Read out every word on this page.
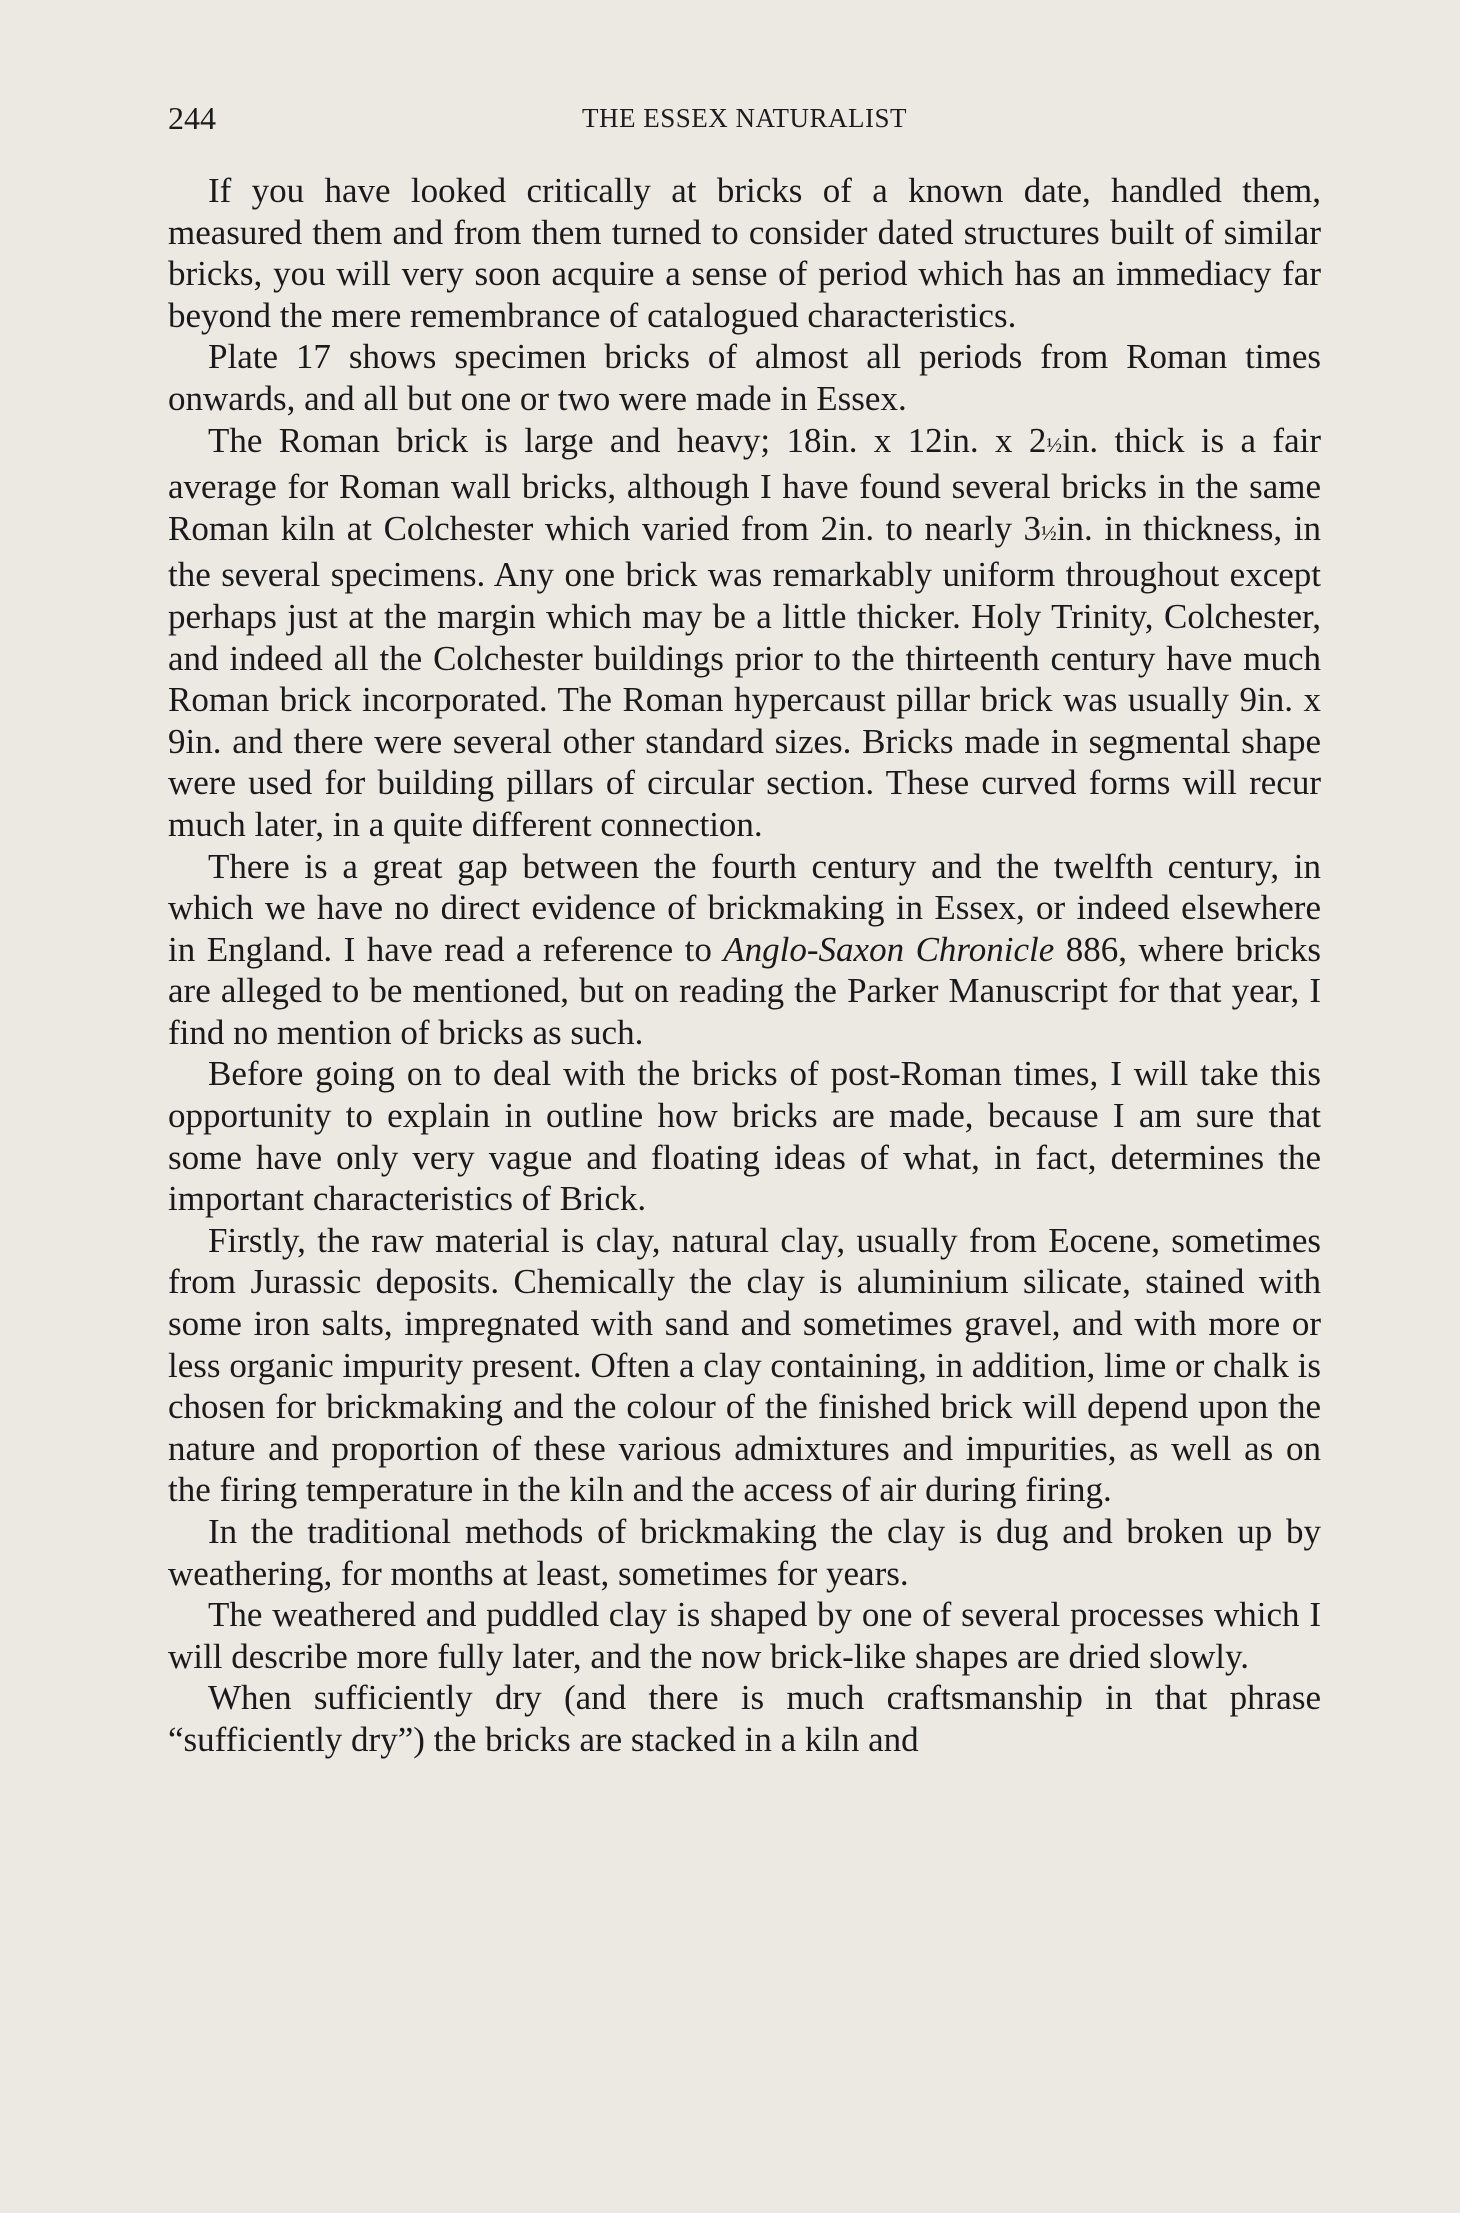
244	THE ESSEX NATURALIST

If you have looked critically at bricks of a known date, handled them, measured them and from them turned to consider dated structures built of similar bricks, you will very soon acquire a sense of period which has an immediacy far beyond the mere remembrance of catalogued characteristics.

Plate 17 shows specimen bricks of almost all periods from Roman times onwards, and all but one or two were made in Essex.

The Roman brick is large and heavy; 18in. x 12in. x 2½in. thick is a fair average for Roman wall bricks, although I have found several bricks in the same Roman kiln at Colchester which varied from 2in. to nearly 3½in. in thickness, in the several specimens. Any one brick was remarkably uniform throughout except perhaps just at the margin which may be a little thicker. Holy Trinity, Colchester, and indeed all the Colchester buildings prior to the thirteenth century have much Roman brick incorporated. The Roman hypercaust pillar brick was usually 9in. x 9in. and there were several other standard sizes. Bricks made in segmental shape were used for building pillars of circular section. These curved forms will recur much later, in a quite different connection.

There is a great gap between the fourth century and the twelfth century, in which we have no direct evidence of brickmaking in Essex, or indeed elsewhere in England. I have read a reference to Anglo-Saxon Chronicle 886, where bricks are alleged to be mentioned, but on reading the Parker Manuscript for that year, I find no mention of bricks as such.

Before going on to deal with the bricks of post-Roman times, I will take this opportunity to explain in outline how bricks are made, because I am sure that some have only very vague and floating ideas of what, in fact, determines the important characteristics of Brick.

Firstly, the raw material is clay, natural clay, usually from Eocene, sometimes from Jurassic deposits. Chemically the clay is aluminium silicate, stained with some iron salts, impregnated with sand and sometimes gravel, and with more or less organic impurity present. Often a clay containing, in addition, lime or chalk is chosen for brickmaking and the colour of the finished brick will depend upon the nature and proportion of these various admixtures and impurities, as well as on the firing temperature in the kiln and the access of air during firing.

In the traditional methods of brickmaking the clay is dug and broken up by weathering, for months at least, sometimes for years.

The weathered and puddled clay is shaped by one of several processes which I will describe more fully later, and the now brick-like shapes are dried slowly.

When sufficiently dry (and there is much craftsmanship in that phrase “sufficiently dry”) the bricks are stacked in a kiln and
